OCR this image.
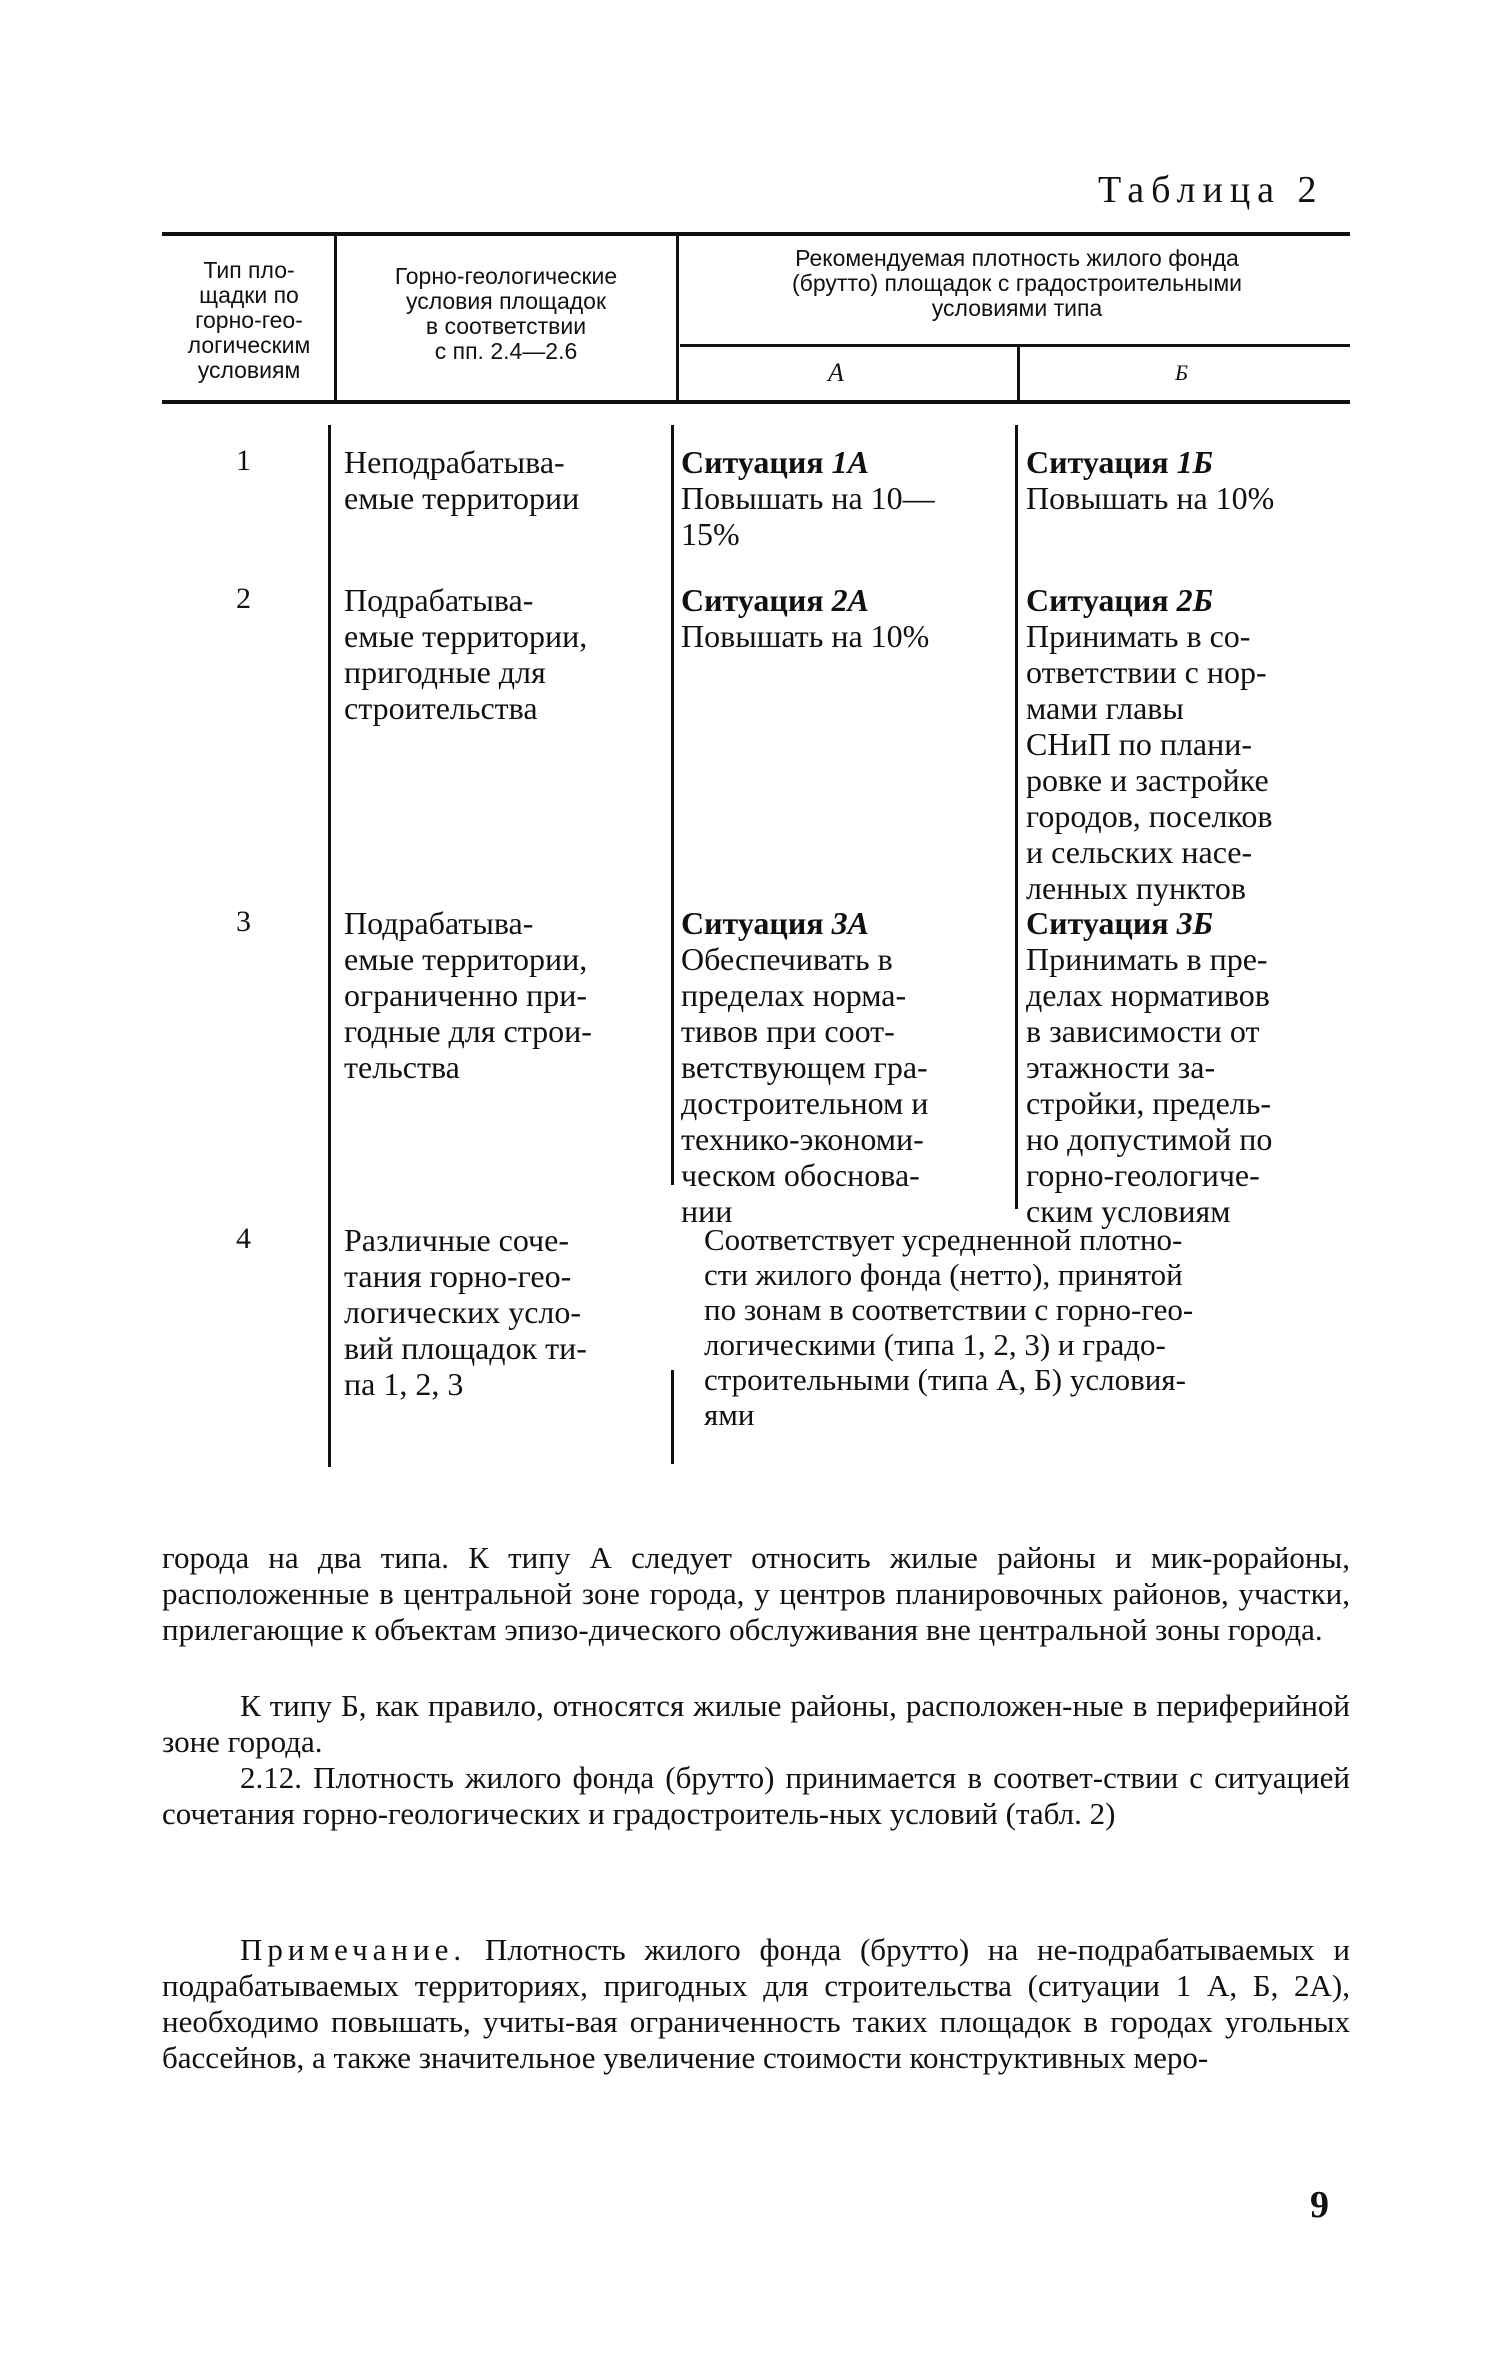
Таблица 2
Тип пло-
щадки по
горно-гео-
логическим
условиям
Горно-геологические
условия площадок
в соответствии
с пп. 2.4—2.6
Рекомендуемая плотность жилого фонда
(брутто) площадок с градостроительными
условиями типа
А	Б
1
2
3
4
Неподрабатыва-
емые территории
Ситуация 1А
Повышать на 10—
15%
Ситуация 1Б
Повышать на 10%
Подрабатыва-
емые территории,
пригодные для
строительства
Ситуация 2А
Повышать на 10%
Ситуация 2Б
Принимать в со-
ответствии с нор-
мами главы
СНиП по плани-
ровке и застройке
городов, поселков
и сельских насе-
ленных пунктов
Подрабатыва-
емые территории,
ограниченно при-
годные для строи-
тельства
Ситуация 3А
Обеспечивать в
пределах норма-
тивов при соот-
ветствующем гра-
достроительном и
технико-экономи-
ческом обоснова-
нии
Ситуация 3Б
Принимать в пре-
делах нормативов
в зависимости от
этажности за-
стройки, предель-
но допустимой по
горно-геологиче-
ским условиям
Различные соче-
тания горно-гео-
логических усло-
вий площадок ти-
па 1, 2, 3
Соответствует усредненной плотно-
сти жилого фонда (нетто), принятой
по зонам в соответствии с горно-гео-
логическими (типа 1, 2, 3) и градо-
строительными (типа А, Б) условия-
ями
города на два типа. К типу А следует относить жилые районы и мик-рорайоны, расположенные в центральной зоне города, у центров планировочных районов, участки, прилегающие к объектам эпизо-дического обслуживания вне центральной зоны города.
К типу Б, как правило, относятся жилые районы, расположен-ные в периферийной зоне города.
2.12. Плотность жилого фонда (брутто) принимается в соответ-ствии с ситуацией сочетания горно-геологических и градостроитель-ных условий (табл. 2)
Примечание. Плотность жилого фонда (брутто) на не-подрабатываемых и подрабатываемых территориях, пригодных для строительства (ситуации 1 А, Б, 2А), необходимо повышать, учиты-вая ограниченность таких площадок в городах угольных бассейнов, а также значительное увеличение стоимости конструктивных меро-
9
